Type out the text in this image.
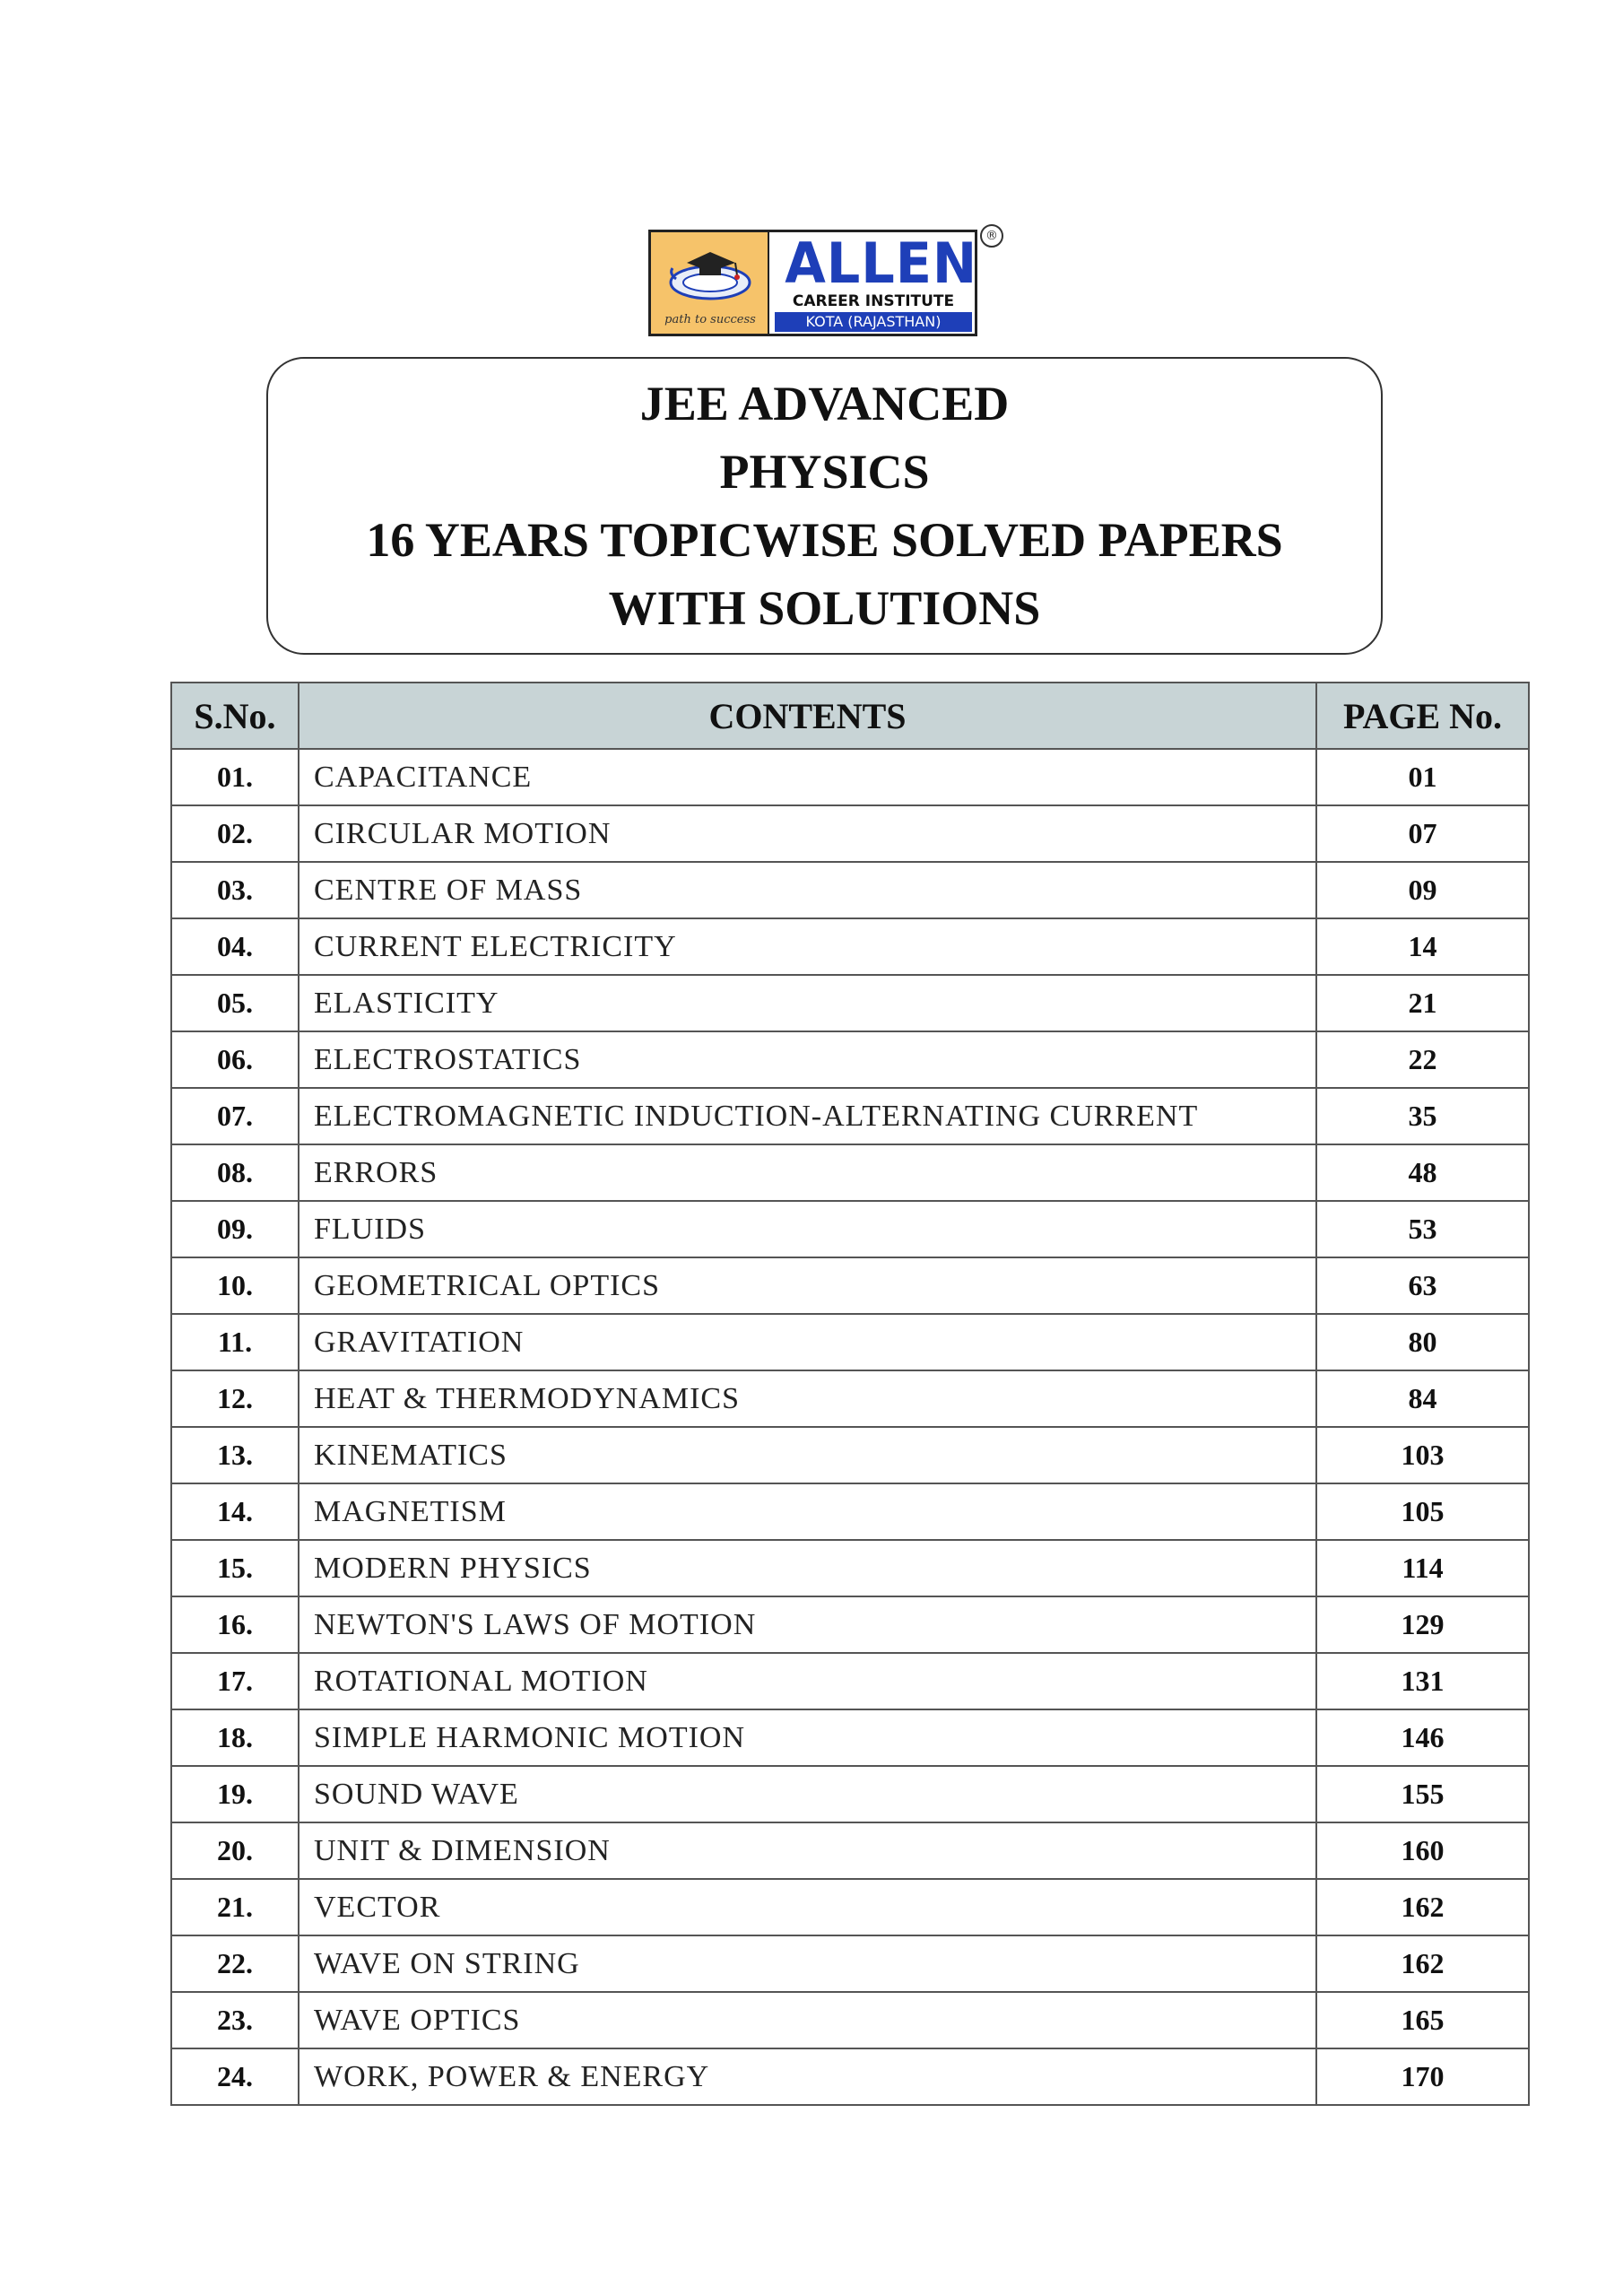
path to success
ALLEN
CAREER INSTITUTE
KOTA (RAJASTHAN)
®
JEE ADVANCED
PHYSICS
16 YEARS TOPICWISE SOLVED PAPERS
WITH SOLUTIONS
S.No.	CONTENTS	PAGE No.
01.	CAPACITANCE	01
02.	CIRCULAR MOTION	07
03.	CENTRE OF MASS	09
04.	CURRENT ELECTRICITY	14
05.	ELASTICITY	21
06.	ELECTROSTATICS	22
07.	ELECTROMAGNETIC INDUCTION-ALTERNATING CURRENT	35
08.	ERRORS	48
09.	FLUIDS	53
10.	GEOMETRICAL OPTICS	63
11.	GRAVITATION	80
12.	HEAT & THERMODYNAMICS	84
13.	KINEMATICS	103
14.	MAGNETISM	105
15.	MODERN PHYSICS	114
16.	NEWTON'S LAWS OF MOTION	129
17.	ROTATIONAL MOTION	131
18.	SIMPLE HARMONIC MOTION	146
19.	SOUND WAVE	155
20.	UNIT & DIMENSION	160
21.	VECTOR	162
22.	WAVE ON STRING	162
23.	WAVE OPTICS	165
24.	WORK, POWER & ENERGY	170
